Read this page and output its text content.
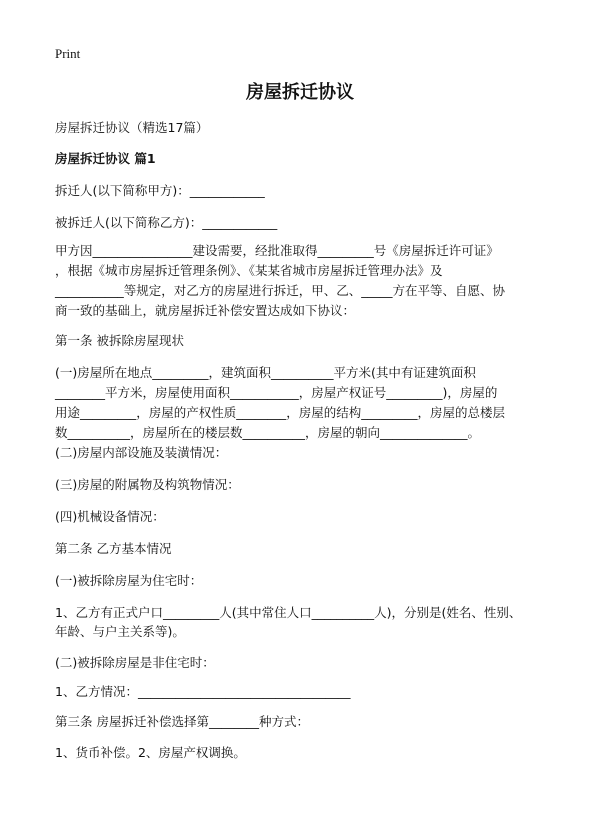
Print
房屋拆迁协议
房屋拆迁协议（精选17篇）
房屋拆迁协议 篇1
拆迁人(以下简称甲方)：____________
被拆迁人(以下简称乙方)：____________
甲方因________________建设需要，经批准取得_________号《房屋拆迁许可证》
，根据《城市房屋拆迁管理条例》、《某某省城市房屋拆迁管理办法》及
___________等规定，对乙方的房屋进行拆迁，甲、乙、_____方在平等、自愿、协
商一致的基础上，就房屋拆迁补偿安置达成如下协议：
第一条 被拆除房屋现状
(一)房屋所在地点_________，建筑面积__________平方米(其中有证建筑面积
________平方米，房屋使用面积___________，房屋产权证号_________)，房屋的
用途_________，房屋的产权性质________，房屋的结构_________，房屋的总楼层
数__________，房屋所在的楼层数__________，房屋的朝向______________。
(二)房屋内部设施及装潢情况：
(三)房屋的附属物及构筑物情况：
(四)机械设备情况：
第二条 乙方基本情况
(一)被拆除房屋为住宅时：
1、乙方有正式户口_________人(其中常住人口__________人)，分别是(姓名、性别、
年龄、与户主关系等)。
(二)被拆除房屋是非住宅时：
1、乙方情况：__________________________________
第三条 房屋拆迁补偿选择第________种方式：
1、货币补偿。2、房屋产权调换。
